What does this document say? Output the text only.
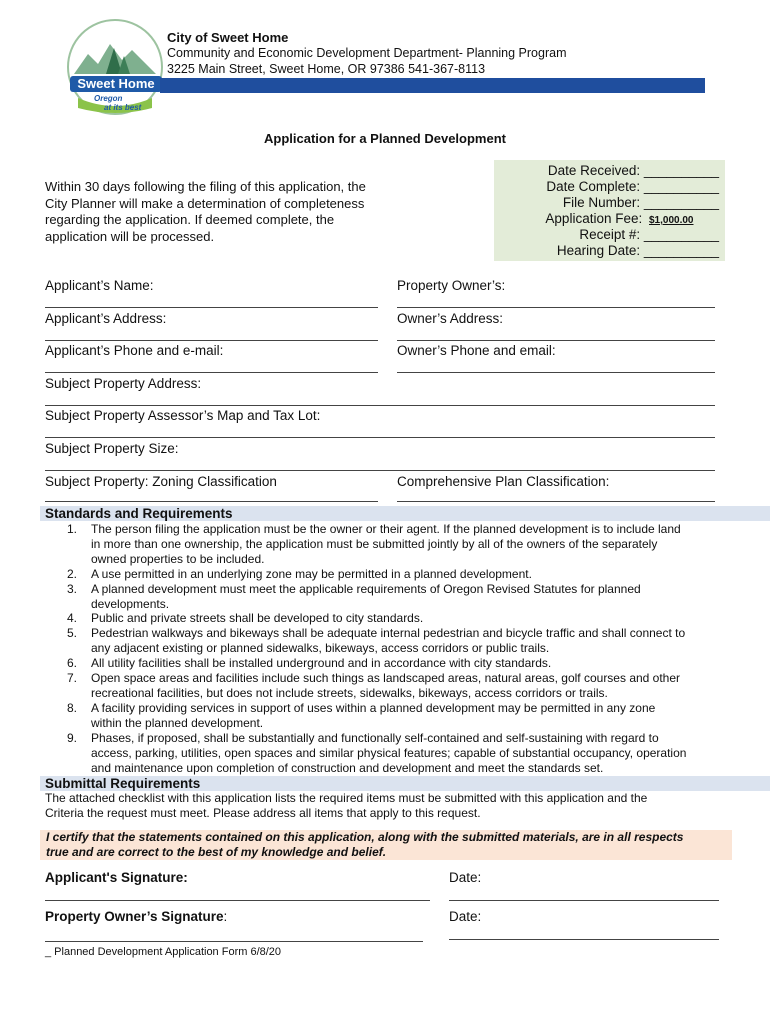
Sweet Home
Oregon
at its best
City of Sweet Home
Community and Economic Development Department- Planning Program
3225 Main Street, Sweet Home, OR 97386 541-367-8113
Application for a Planned Development
Date Received: __________
Date Complete: __________
File Number: __________
Application Fee: $1,000.00
Receipt #: __________
Hearing Date: __________
Within 30 days following the filing of this application, the City Planner will make a determination of completeness regarding the application. If deemed complete, the application will be processed.
Applicant’s Name:	Property Owner’s:
Applicant’s Address:	Owner’s Address:
Applicant’s Phone and e-mail:	Owner’s Phone and email:
Subject Property Address:
Subject Property Assessor’s Map and Tax Lot:
Subject Property Size:
Subject Property: Zoning Classification	Comprehensive Plan Classification:
Standards and Requirements
1. The person filing the application must be the owner or their agent. If the planned development is to include land
in more than one ownership, the application must be submitted jointly by all of the owners of the separately
owned properties to be included.
2. A use permitted in an underlying zone may be permitted in a planned development.
3. A planned development must meet the applicable requirements of Oregon Revised Statutes for planned
developments.
4. Public and private streets shall be developed to city standards.
5. Pedestrian walkways and bikeways shall be adequate internal pedestrian and bicycle traffic and shall connect to
any adjacent existing or planned sidewalks, bikeways, access corridors or public trails.
6. All utility facilities shall be installed underground and in accordance with city standards.
7. Open space areas and facilities include such things as landscaped areas, natural areas, golf courses and other
recreational facilities, but does not include streets, sidewalks, bikeways, access corridors or trails.
8. A facility providing services in support of uses within a planned development may be permitted in any zone
within the planned development.
9. Phases, if proposed, shall be substantially and functionally self-contained and self-sustaining with regard to
access, parking, utilities, open spaces and similar physical features; capable of substantial occupancy, operation
and maintenance upon completion of construction and development and meet the standards set.
Submittal Requirements
The attached checklist with this application lists the required items must be submitted with this application and the
Criteria the request must meet. Please address all items that apply to this request.
I certify that the statements contained on this application, along with the submitted materials, are in all respects
true and are correct to the best of my knowledge and belief.
Applicant's Signature:	Date:
Property Owner’s Signature:	Date:
_ Planned Development Application Form 6/8/20
